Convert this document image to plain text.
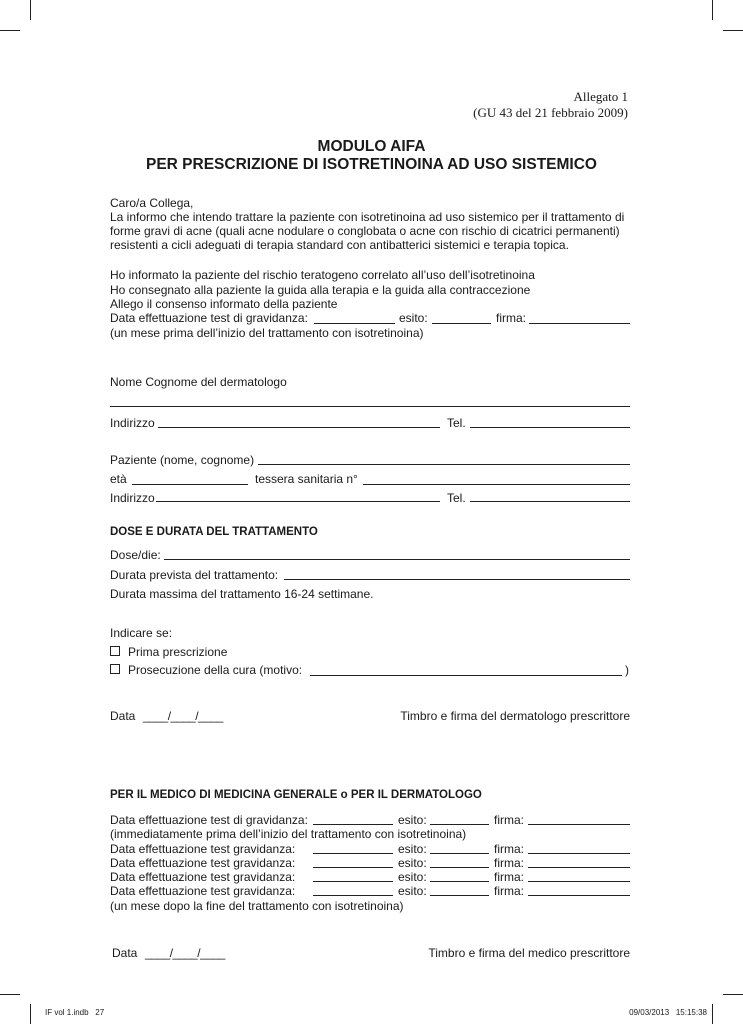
Allegato 1
(GU 43 del 21 febbraio 2009)
MODULO AIFA
PER PRESCRIZIONE DI ISOTRETINOINA AD USO SISTEMICO
Caro/a Collega,
La informo che intendo trattare la paziente con isotretinoina ad uso sistemico per il trattamento di
forme gravi di acne (quali acne nodulare o conglobata o acne con rischio di cicatrici permanenti)
resistenti a cicli adeguati di terapia standard con antibatterici sistemici e terapia topica.
Ho informato la paziente del rischio teratogeno correlato all’uso dell’isotretinoina
Ho consegnato alla paziente la guida alla terapia e la guida alla contraccezione
Allego il consenso informato della paziente
Data effettuazione test di gravidanza:	esito:	firma:
(un mese prima dell’inizio del trattamento con isotretinoina)
Nome Cognome del dermatologo
Indirizzo	Tel.
Paziente (nome, cognome)
età	tessera sanitaria n°
Indirizzo	Tel.
DOSE E DURATA DEL TRATTAMENTO
Dose/die:
Durata prevista del trattamento:
Durata massima del trattamento 16-24 settimane.
Indicare se:
Prima prescrizione
Prosecuzione della cura (motivo:	)
Data ____/____/____	Timbro e firma del dermatologo prescrittore
PER IL MEDICO DI MEDICINA GENERALE o PER IL DERMATOLOGO
Data effettuazione test di gravidanza:	esito:	firma:
(immediatamente prima dell’inizio del trattamento con isotretinoina)
Data effettuazione test gravidanza:	esito:	firma:
Data effettuazione test gravidanza:	esito:	firma:
Data effettuazione test gravidanza:	esito:	firma:
Data effettuazione test gravidanza:	esito:	firma:
(un mese dopo la fine del trattamento con isotretinoina)
Data ____/____/____	Timbro e firma del medico prescrittore
IF vol 1.indb   27	09/03/2013   15:15:38
